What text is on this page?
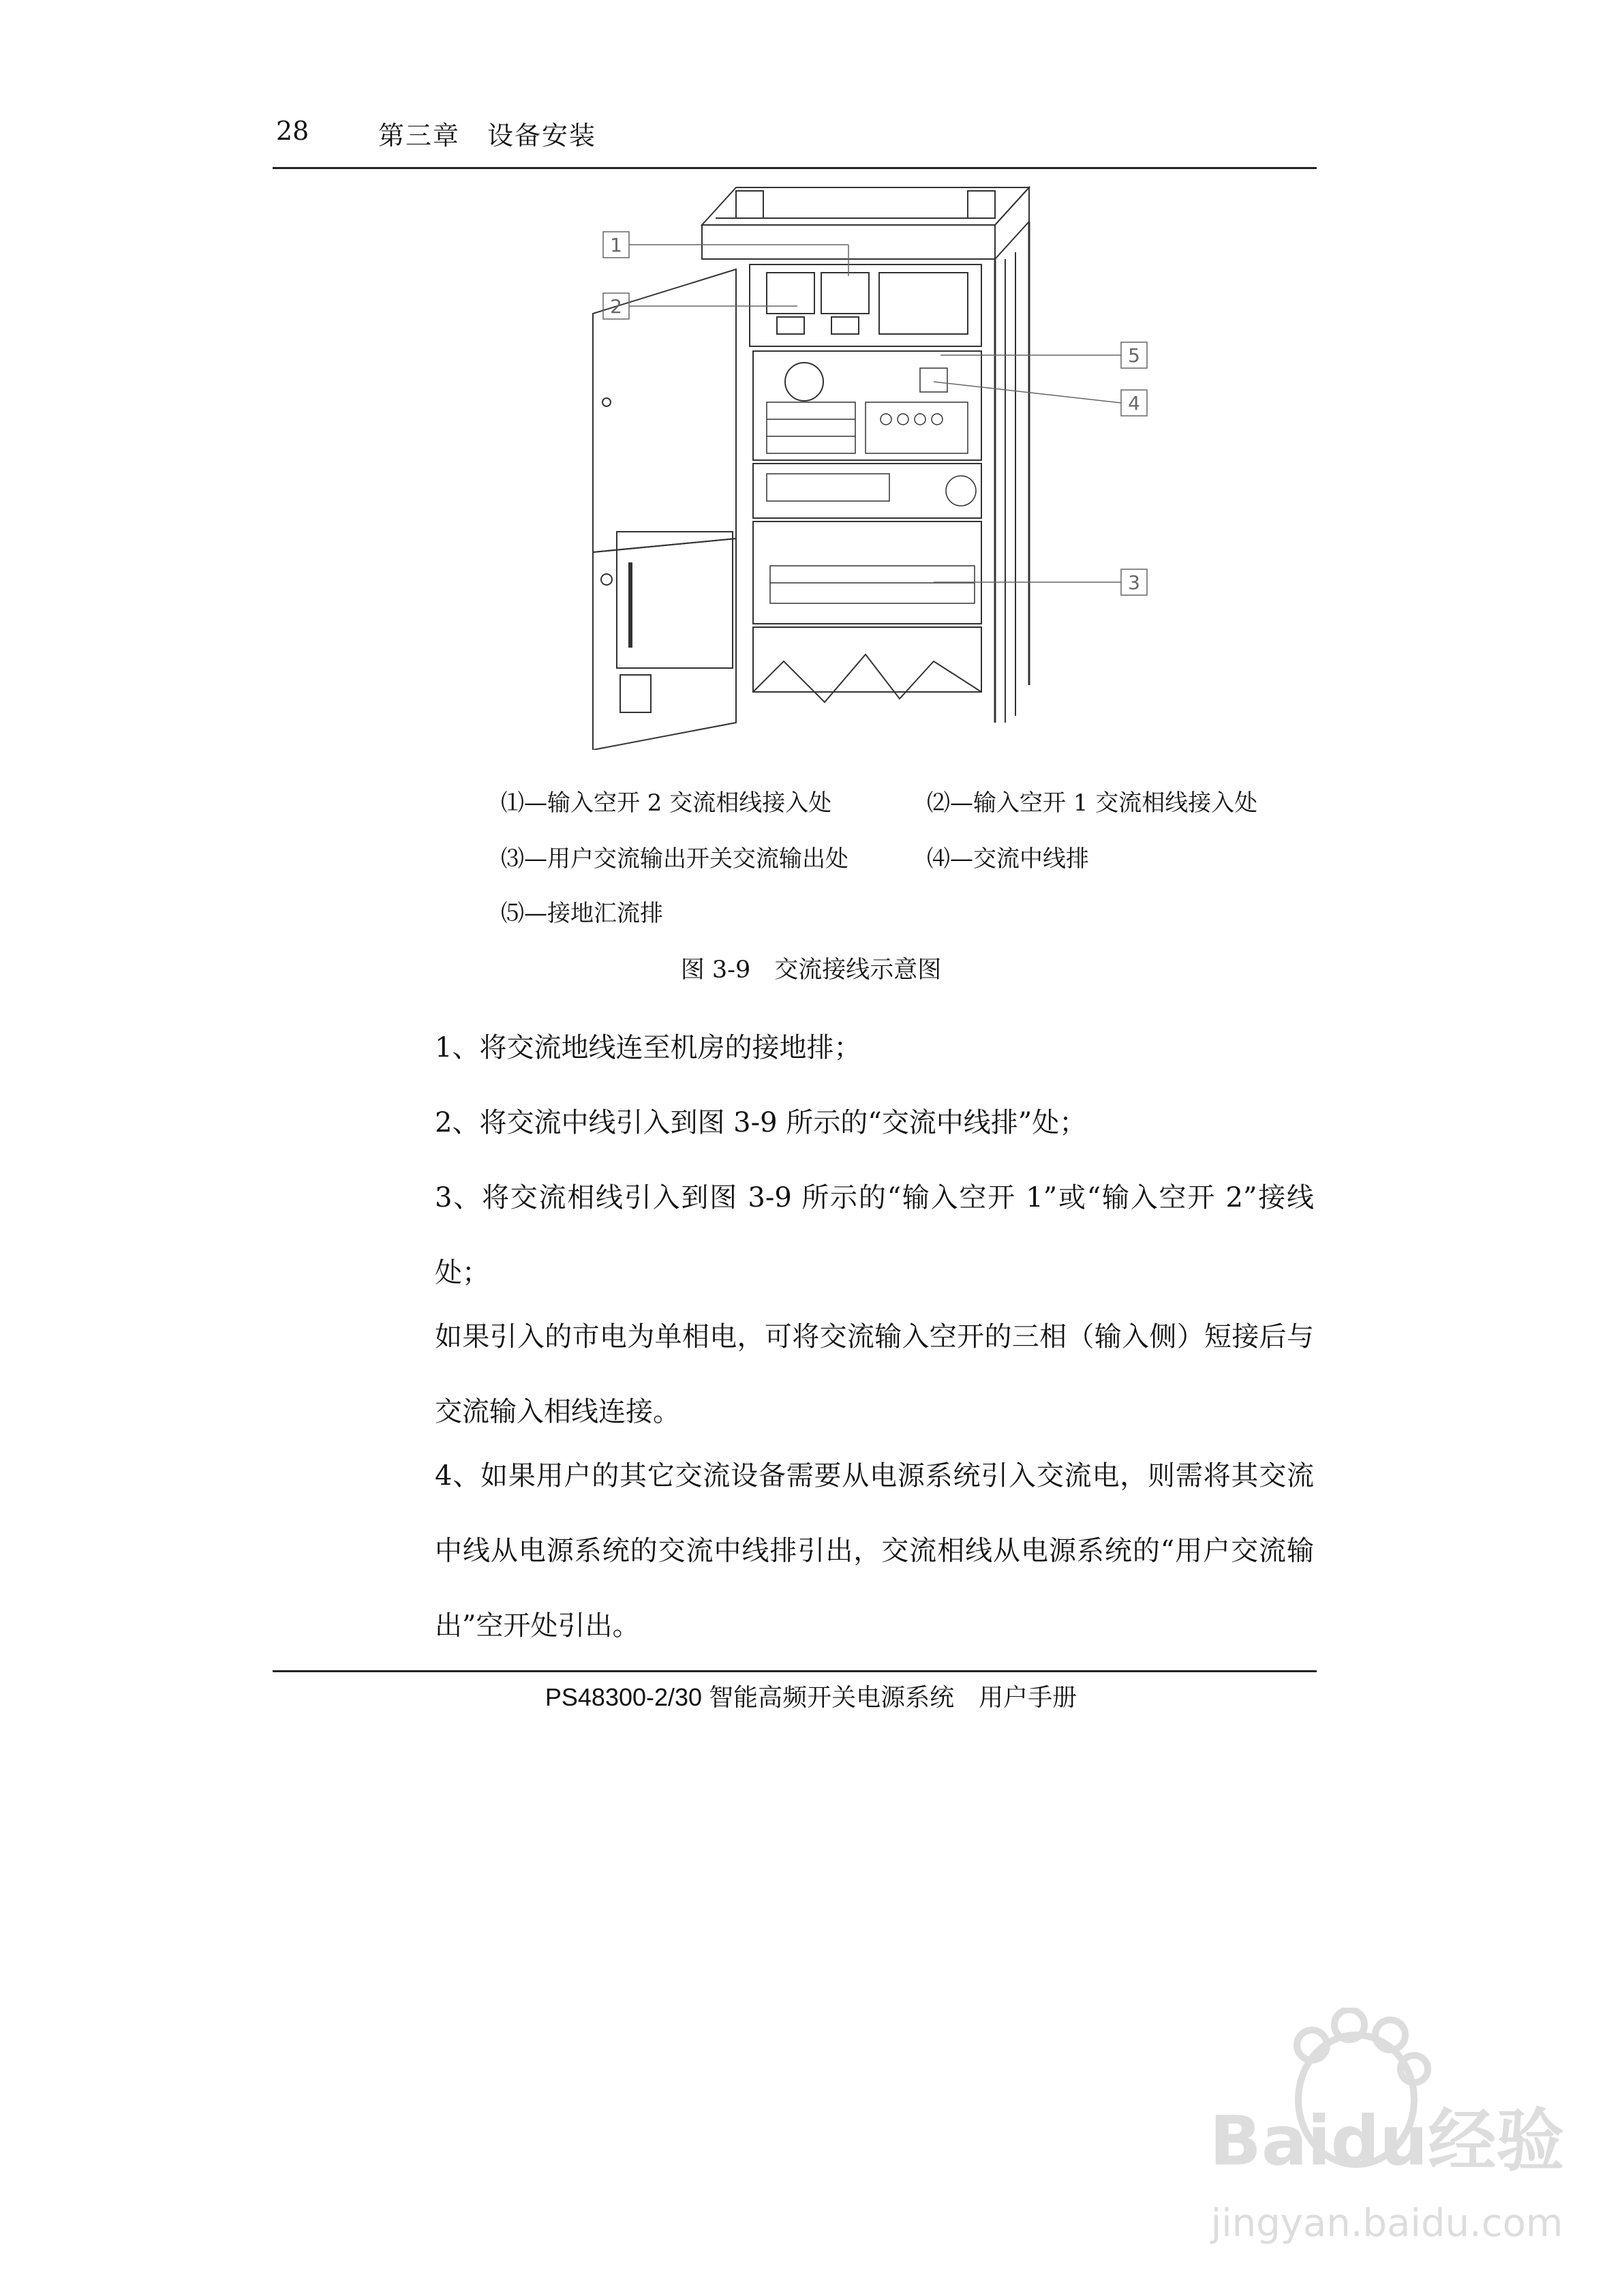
28	第三章　设备安装
1
2
3
4
5
⑴—输入空开 2 交流相线接入处	⑵—输入空开 1 交流相线接入处
⑶—用户交流输出开关交流输出处	⑷—交流中线排
⑸—接地汇流排
图 3-9　交流接线示意图
1、将交流地线连至机房的接地排；
2、将交流中线引入到图 3-9 所示的“交流中线排”处；
3、将交流相线引入到图 3-9 所示的“输入空开 1”或“输入空开 2”接线处；
如果引入的市电为单相电，可将交流输入空开的三相（输入侧）短接后与交流输入相线连接。
4、如果用户的其它交流设备需要从电源系统引入交流电，则需将其交流中线从电源系统的交流中线排引出，交流相线从电源系统的“用户交流输出”空开处引出。
PS48300-2/30 智能高频开关电源系统　用户手册
Baidu经验
jingyan.baidu.com
